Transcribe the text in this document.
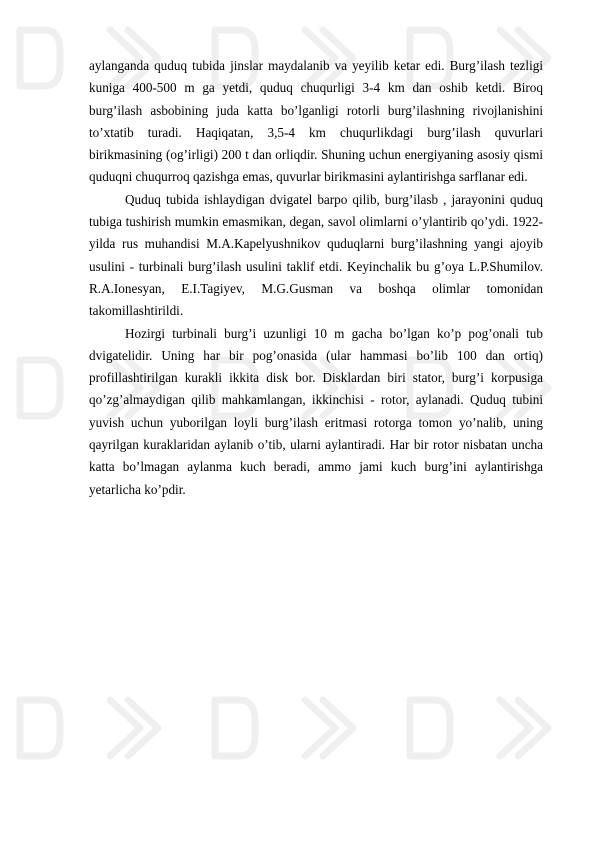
aylanganda quduq tubida jinslar maydalanib va yeyilib ketar edi. Burg’ilash tezligi kuniga 400-500 m ga yetdi, quduq chuqurligi 3-4 km dan oshib ketdi. Biroq burg’ilash asbobining juda katta bo’lganligi rotorli burg’ilashning rivojlanishini to’xtatib turadi. Haqiqatan, 3,5-4 km chuqurlikdagi burg’ilash quvurlari birikmasining (og’irligi) 200 t dan orliqdir. Shuning uchun energiyaning asosiy qismi quduqni chuqurroq qazishga emas, quvurlar birikmasini aylantirishga sarflanar edi.

Quduq tubida ishlaydigan dvigatel barpo qilib, burg’ilasb , jarayonini quduq tubiga tushirish mumkin emasmikan, degan, savol olimlarni o’ylantirib qo’ydi. 1922-yilda rus muhandisi M.A.Kapelyushnikov quduqlarni burg’ilashning yangi ajoyib usulini - turbinali burg’ilash usulini taklif etdi. Keyinchalik bu g’oya L.P.Shumilov. R.A.Ionesyan, E.I.Tagiyev, M.G.Gusman va boshqa olimlar tomonidan takomillashtirildi.

Hozirgi turbinali burg’i uzunligi 10 m gacha bo’lgan ko’p pog’onali tub dvigatelidir. Uning har bir pog’onasida (ular hammasi bo’lib 100 dan ortiq) profillashtirilgan kurakli ikkita disk bor. Disklardan biri stator, burg’i korpusiga qo’zg’almaydigan qilib mahkamlangan, ikkinchisi - rotor, aylanadi. Quduq tubini yuvish uchun yuborilgan loyli burg’ilash eritmasi rotorga tomon yo’nalib, uning qayrilgan kuraklaridan aylanib o’tib, ularni aylantiradi. Har bir rotor nisbatan uncha katta bo’lmagan aylanma kuch beradi, ammo jami kuch burg’ini aylantirishga yetarlicha ko’pdir.
